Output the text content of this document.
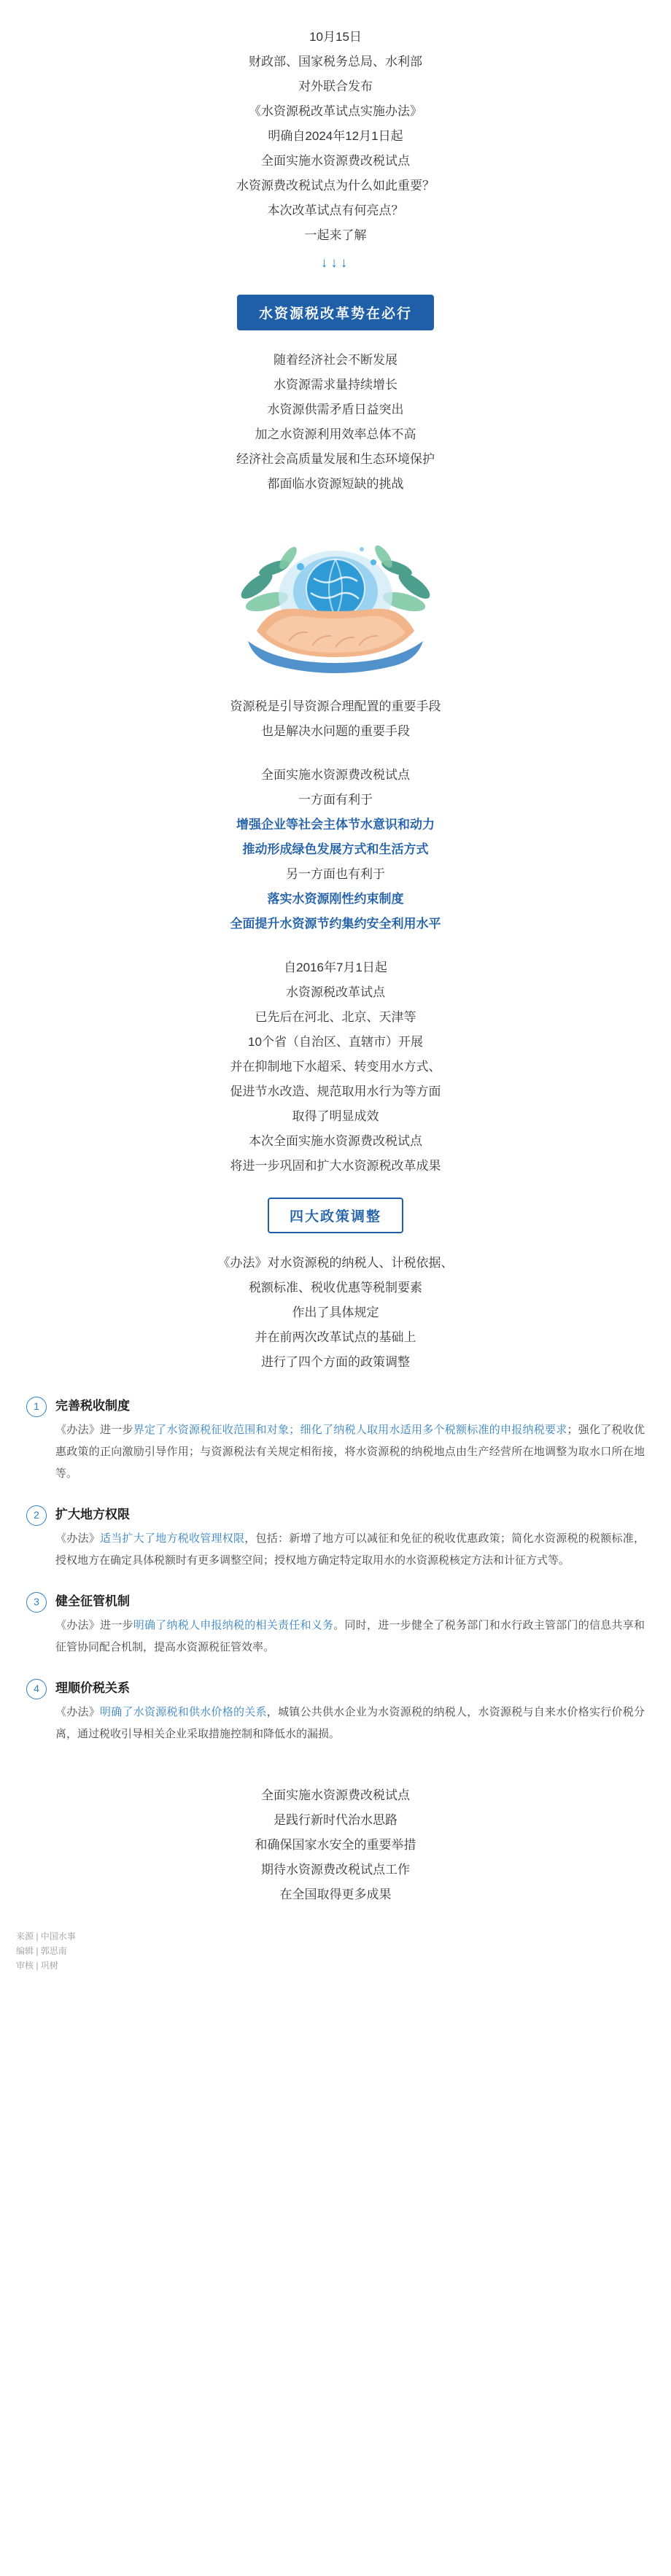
10月15日
财政部、国家税务总局、水利部
对外联合发布
《水资源税改革试点实施办法》
明确自2024年12月1日起
全面实施水资源费改税试点
水资源费改税试点为什么如此重要？
本次改革试点有何亮点？
一起来了解
↓↓↓
水资源税改革势在必行
随着经济社会不断发展
水资源需求量持续增长
水资源供需矛盾日益突出
加之水资源利用效率总体不高
经济社会高质量发展和生态环境保护
都面临水资源短缺的挑战
资源税是引导资源合理配置的重要手段
也是解决水问题的重要手段
全面实施水资源费改税试点
一方面有利于
增强企业等社会主体节水意识和动力
推动形成绿色发展方式和生活方式
另一方面也有利于
落实水资源刚性约束制度
全面提升水资源节约集约安全利用水平
自2016年7月1日起
水资源税改革试点
已先后在河北、北京、天津等
10个省（自治区、直辖市）开展
并在抑制地下水超采、转变用水方式、
促进节水改造、规范取用水行为等方面
取得了明显成效
本次全面实施水资源费改税试点
将进一步巩固和扩大水资源税改革成果
四大政策调整
《办法》对水资源税的纳税人、计税依据、
税额标准、税收优惠等税制要素
作出了具体规定
并在前两次改革试点的基础上
进行了四个方面的政策调整
1	完善税收制度
《办法》进一步界定了水资源税征收范围和对象；细化了纳税人取用水适用多个税额标准的申报纳税要求；强化了税收优惠政策的正向激励引导作用；与资源税法有关规定相衔接，将水资源税的纳税地点由生产经营所在地调整为取水口所在地等。
2	扩大地方权限
《办法》适当扩大了地方税收管理权限，包括：新增了地方可以减征和免征的税收优惠政策；简化水资源税的税额标准，授权地方在确定具体税额时有更多调整空间；授权地方确定特定取用水的水资源税核定方法和计征方式等。
3	健全征管机制
《办法》进一步明确了纳税人申报纳税的相关责任和义务。同时，进一步健全了税务部门和水行政主管部门的信息共享和征管协同配合机制，提高水资源税征管效率。
4	理顺价税关系
《办法》明确了水资源税和供水价格的关系，城镇公共供水企业为水资源税的纳税人，水资源税与自来水价格实行价税分离，通过税收引导相关企业采取措施控制和降低水的漏损。
全面实施水资源费改税试点
是践行新时代治水思路
和确保国家水安全的重要举措
期待水资源费改税试点工作
在全国取得更多成果
来源 | 中国水事
编辑 | 郭思南
审核 | 巩树
